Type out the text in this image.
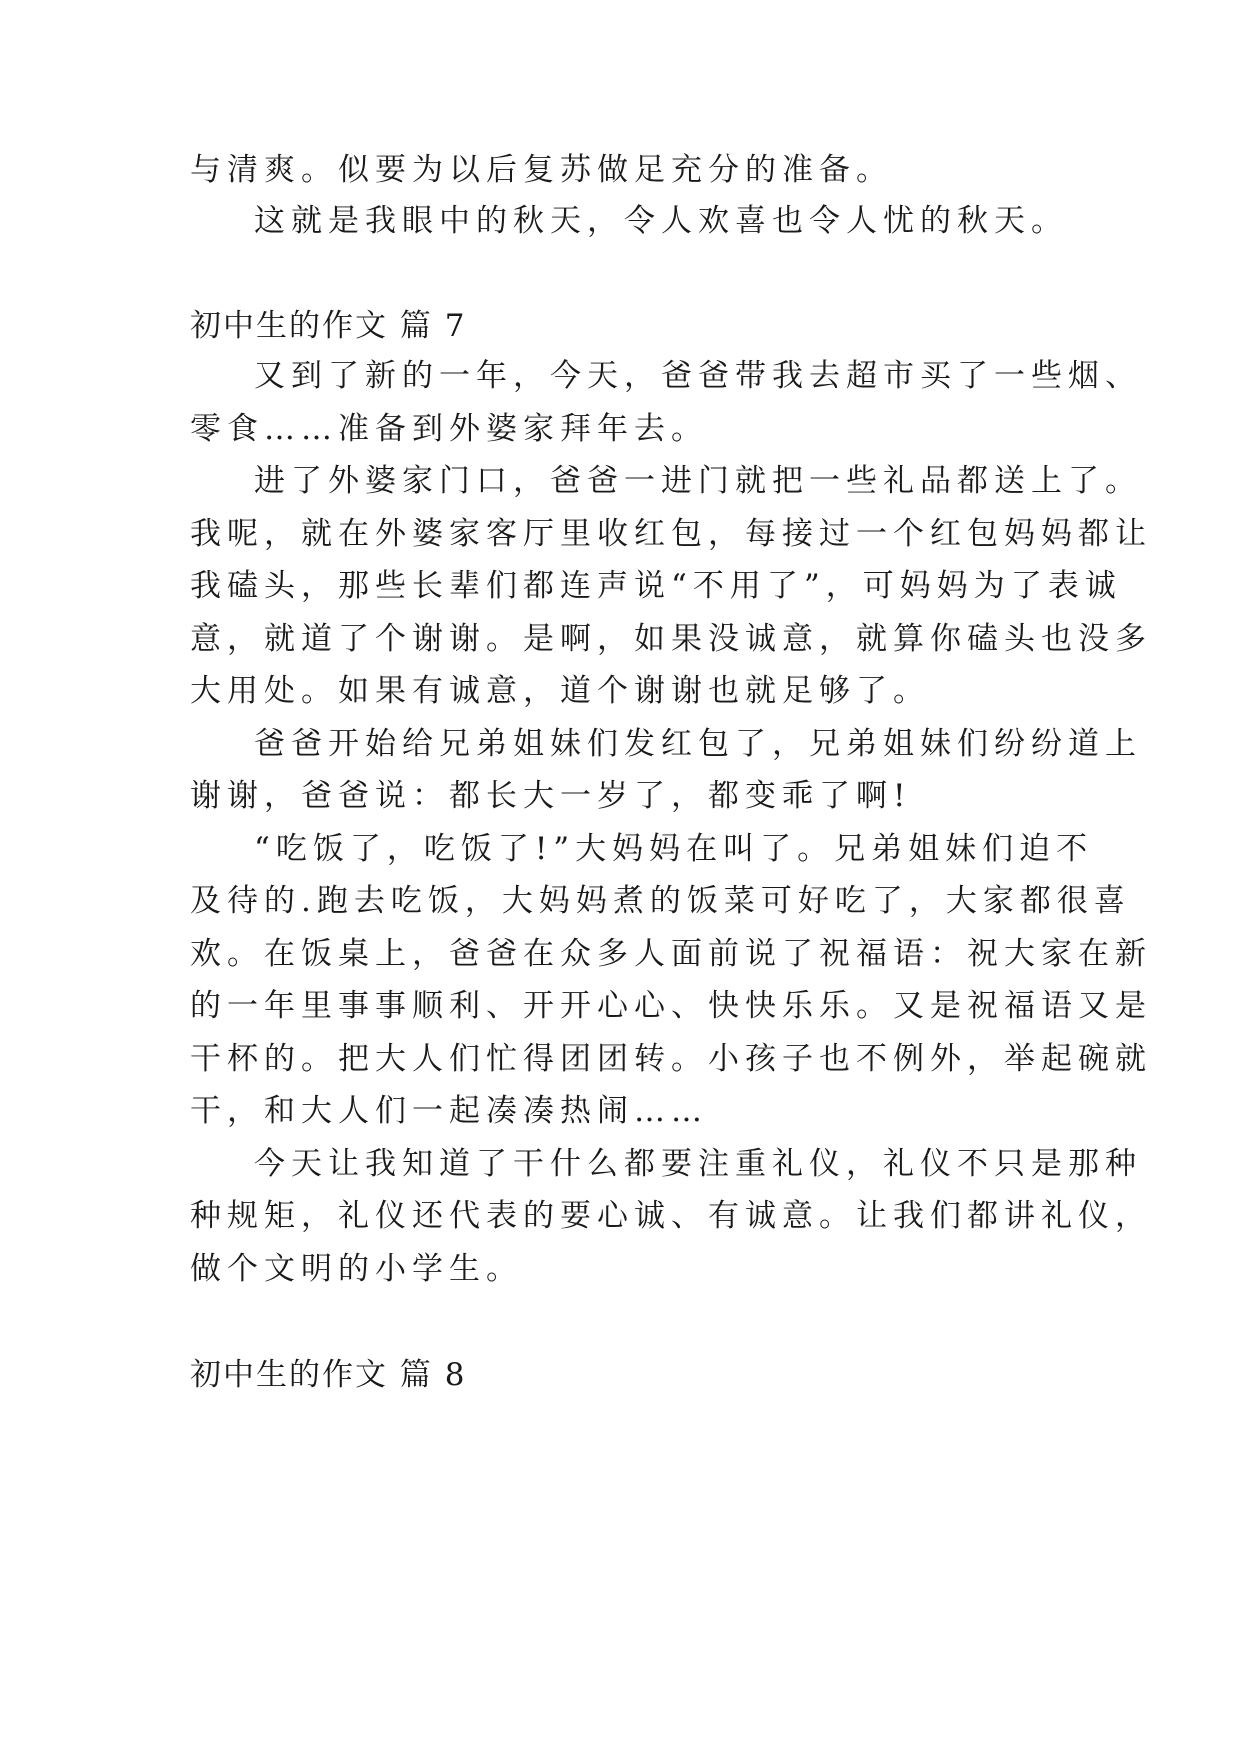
与清爽。似要为以后复苏做足充分的准备。
这就是我眼中的秋天，令人欢喜也令人忧的秋天。
初中生的作文 篇 7
又到了新的一年，今天，爸爸带我去超市买了一些烟、
零食……准备到外婆家拜年去。
进了外婆家门口，爸爸一进门就把一些礼品都送上了。
我呢，就在外婆家客厅里收红包，每接过一个红包妈妈都让
我磕头，那些长辈们都连声说“不用了”，可妈妈为了表诚
意，就道了个谢谢。是啊，如果没诚意，就算你磕头也没多
大用处。如果有诚意，道个谢谢也就足够了。
爸爸开始给兄弟姐妹们发红包了，兄弟姐妹们纷纷道上
谢谢，爸爸说：都长大一岁了，都变乖了啊!
“吃饭了，吃饭了!”大妈妈在叫了。兄弟姐妹们迫不
及待的.跑去吃饭，大妈妈煮的饭菜可好吃了，大家都很喜
欢。在饭桌上，爸爸在众多人面前说了祝福语：祝大家在新
的一年里事事顺利、开开心心、快快乐乐。又是祝福语又是
干杯的。把大人们忙得团团转。小孩子也不例外，举起碗就
干，和大人们一起凑凑热闹……
今天让我知道了干什么都要注重礼仪，礼仪不只是那种
种规矩，礼仪还代表的要心诚、有诚意。让我们都讲礼仪，
做个文明的小学生。
初中生的作文 篇 8
